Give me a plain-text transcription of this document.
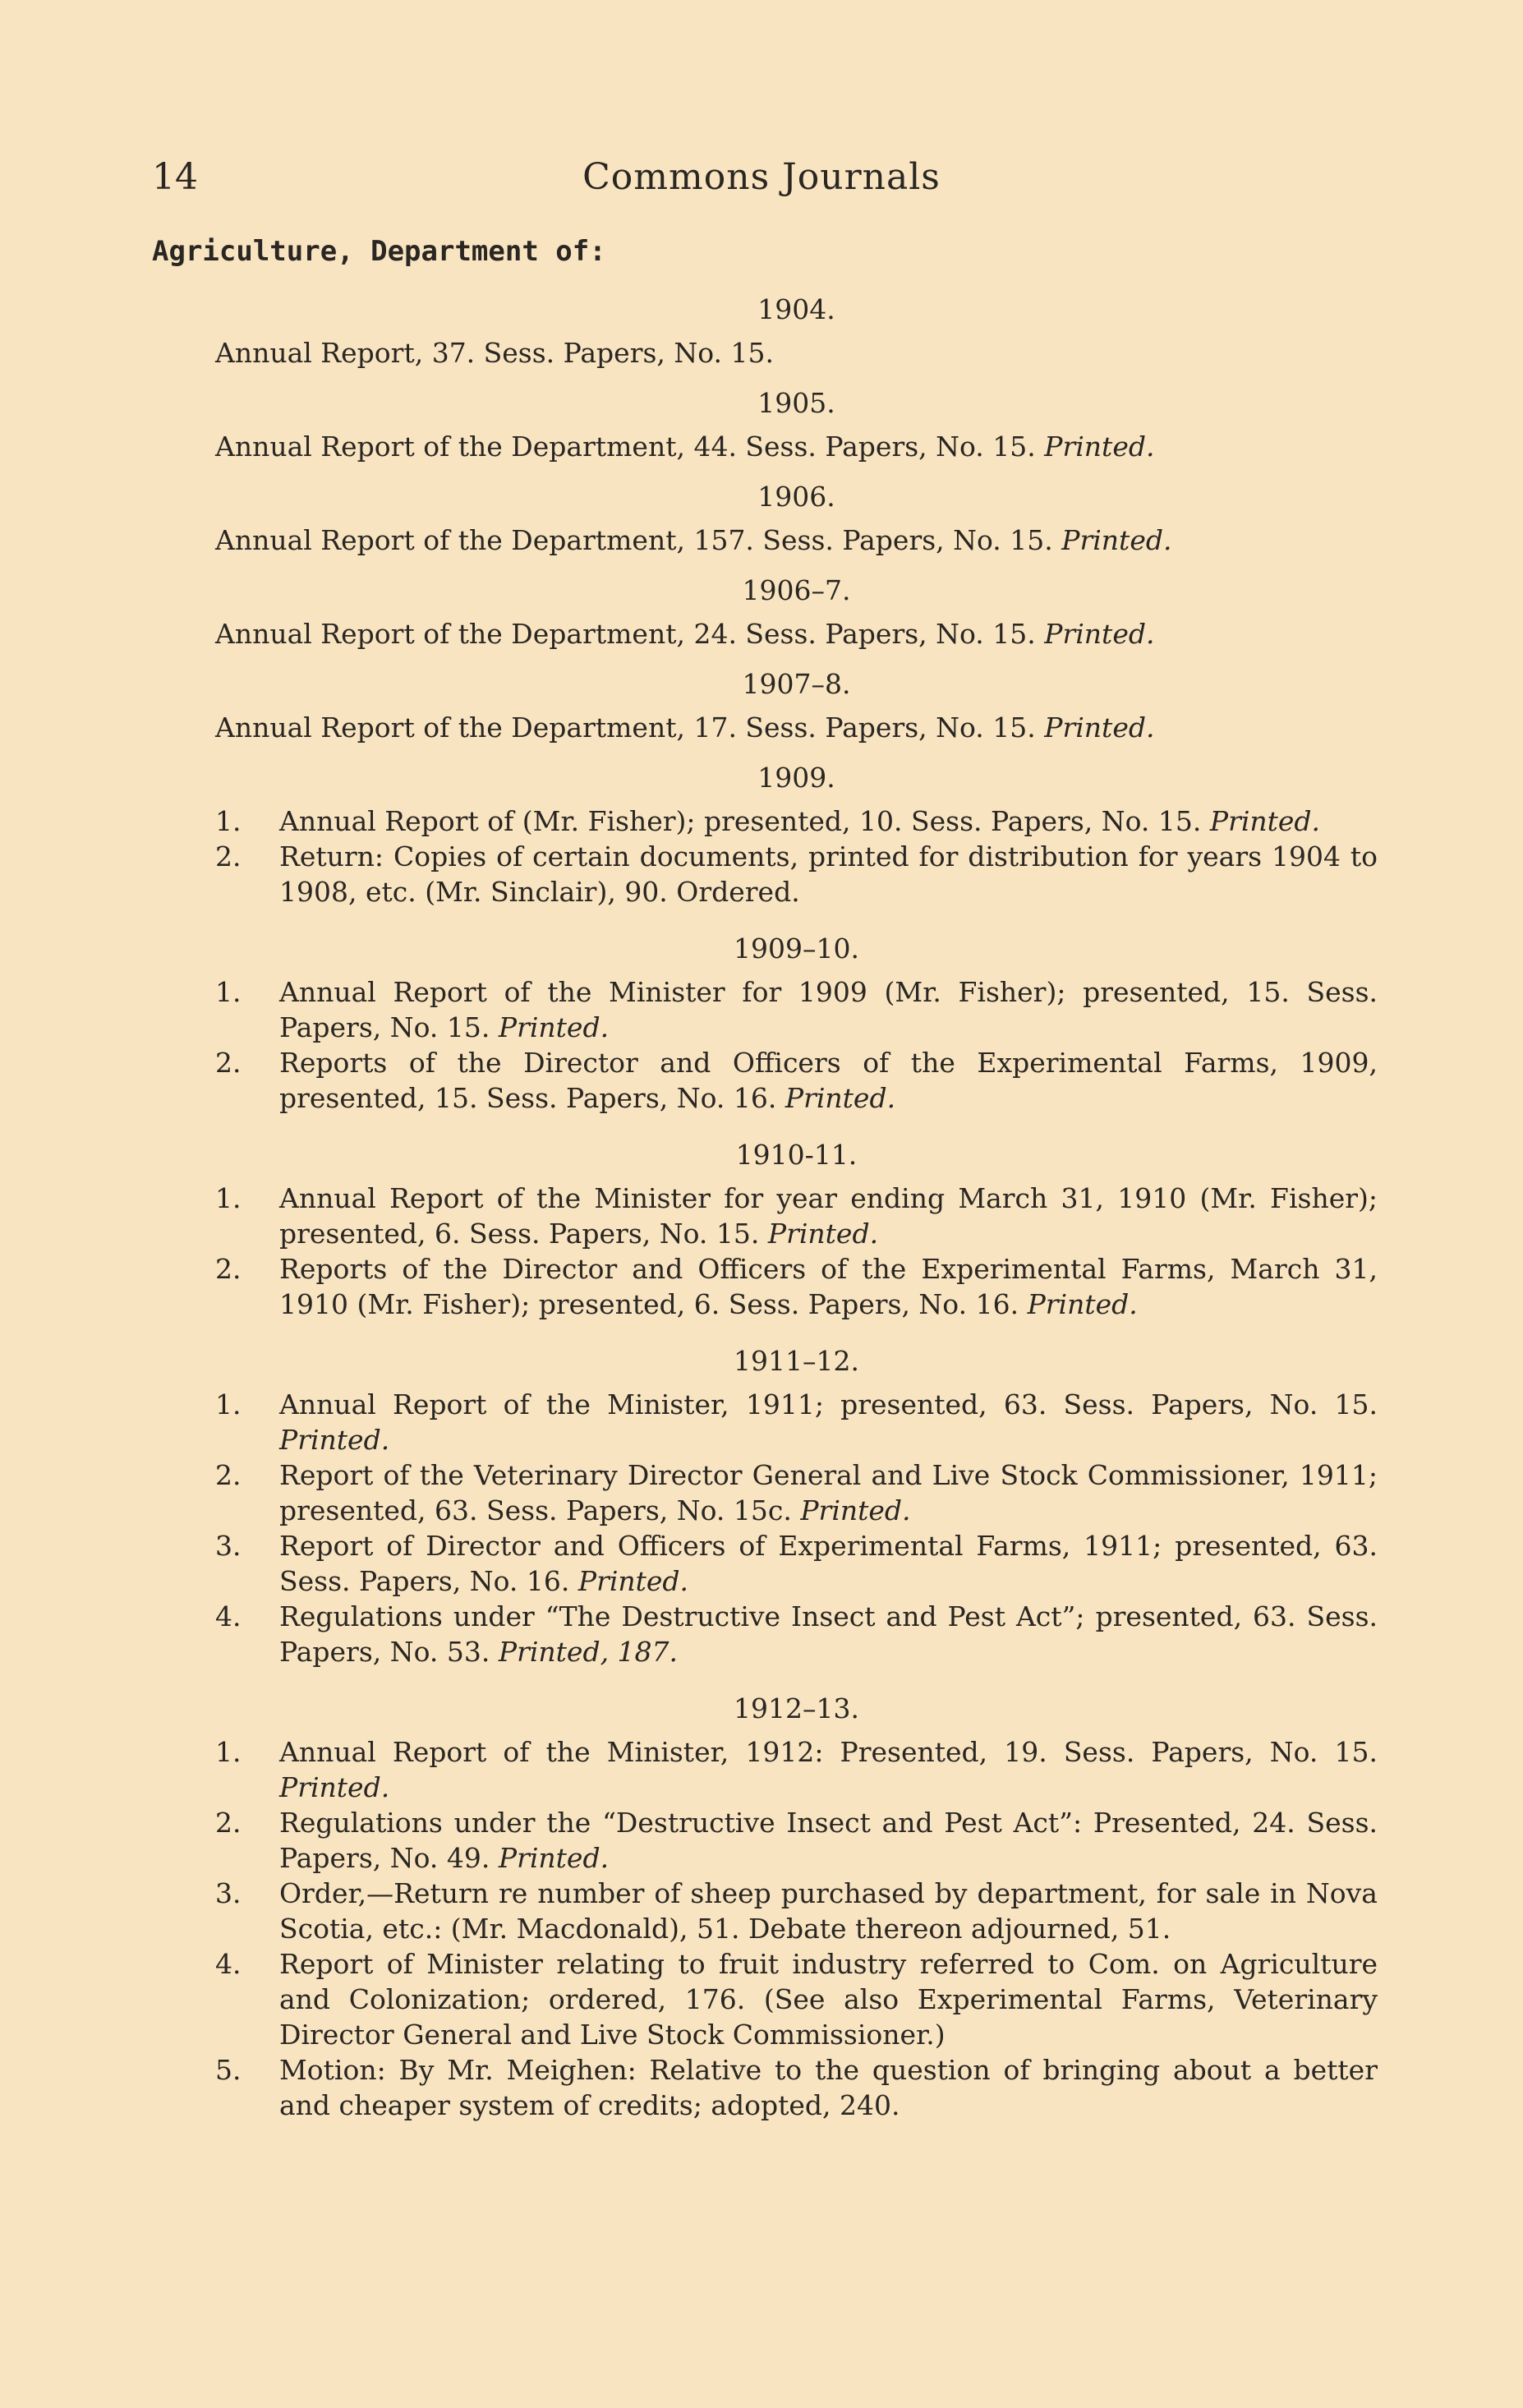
14	Commons Journals
Agriculture, Department of:
1904.
Annual Report, 37. Sess. Papers, No. 15.
1905.
Annual Report of the Department, 44. Sess. Papers, No. 15. Printed.
1906.
Annual Report of the Department, 157. Sess. Papers, No. 15. Printed.
1906–7.
Annual Report of the Department, 24. Sess. Papers, No. 15. Printed.
1907–8.
Annual Report of the Department, 17. Sess. Papers, No. 15. Printed.
1909.
1. Annual Report of (Mr. Fisher); presented, 10. Sess. Papers, No. 15. Printed.
2. Return: Copies of certain documents, printed for distribution for years 1904 to 1908, etc. (Mr. Sinclair), 90. Ordered.
1909–10.
1. Annual Report of the Minister for 1909 (Mr. Fisher); presented, 15. Sess. Papers, No. 15. Printed.
2. Reports of the Director and Officers of the Experimental Farms, 1909, presented, 15. Sess. Papers, No. 16. Printed.
1910-11.
1. Annual Report of the Minister for year ending March 31, 1910 (Mr. Fisher); presented, 6. Sess. Papers, No. 15. Printed.
2. Reports of the Director and Officers of the Experimental Farms, March 31, 1910 (Mr. Fisher); presented, 6. Sess. Papers, No. 16. Printed.
1911–12.
1. Annual Report of the Minister, 1911; presented, 63. Sess. Papers, No. 15. Printed.
2. Report of the Veterinary Director General and Live Stock Commissioner, 1911; presented, 63. Sess. Papers, No. 15c. Printed.
3. Report of Director and Officers of Experimental Farms, 1911; presented, 63. Sess. Papers, No. 16. Printed.
4. Regulations under “The Destructive Insect and Pest Act”; presented, 63. Sess. Papers, No. 53. Printed, 187.
1912–13.
1. Annual Report of the Minister, 1912: Presented, 19. Sess. Papers, No. 15. Printed.
2. Regulations under the “Destructive Insect and Pest Act”: Presented, 24. Sess. Papers, No. 49. Printed.
3. Order,—Return re number of sheep purchased by department, for sale in Nova Scotia, etc.: (Mr. Macdonald), 51. Debate thereon adjourned, 51.
4. Report of Minister relating to fruit industry referred to Com. on Agriculture and Colonization; ordered, 176. (See also Experimental Farms, Veterinary Director General and Live Stock Commissioner.)
5. Motion: By Mr. Meighen: Relative to the question of bringing about a better and cheaper system of credits; adopted, 240.
